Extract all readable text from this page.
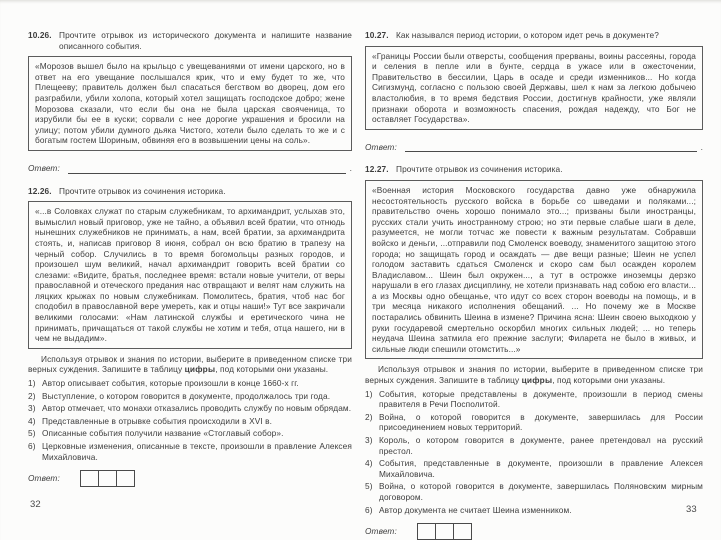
10.26. Прочтите отрывок из исторического документа и напишите название описанного события.
«Морозов вышел было на крыльцо с увещеваниями от имени царского, но в ответ на его увещание послышался крик, что и ему будет то же, что Плещееву; правитель должен был спасаться бегством во дворец, дом его разграбили, убили холопа, который хотел защищать господское добро; жене Морозова сказали, что если бы она не была царская свояченица, то изрубили бы ее в куски; сорвали с нее дорогие украшения и бросили на улицу; потом убили думного дьяка Чистого, хотели было сделать то же и с богатым гостем Шориным, обвиняя его в возвышении цены на соль».
Ответ:	.
12.26. Прочтите отрывок из сочинения историка.
«...в Соловках служат по старым служебникам, то архимандрит, услыхав это, вымыслил новый приговор, уже не тайно, а объявил всей братии, что отнюдь нынешних служебников не принимать, а нам, всей братии, за архимандрита стоять, и, написав приговор 8 июня, собрал он всю братию в трапезу на черный собор. Случились в то время богомольцы разных городов, и произошел шум великий, начал архимандрит говорить всей братии со слезами: «Видите, братья, последнее время: встали новые учители, от веры православной и отеческого предания нас отвращают и велят нам служить на ляцких крыжах по новым служебникам. Помолитесь, братия, чтоб нас бог сподобил в православной вере умереть, как и отцы наши!» Тут все закричали великими голосами: «Нам латинской службы и еретического чина не принимать, причащаться от такой службы не хотим и тебя, отца нашего, ни в чем не выдадим».

Используя отрывок и знания по истории, выберите в приведенном списке три верных суждения. Запишите в таблицу цифры, под которыми они указаны.

1) Автор описывает события, которые произошли в конце 1660-х гг.
2) Выступление, о котором говорится в документе, продолжалось три года.
3) Автор отмечает, что монахи отказались проводить службу по новым обрядам.
4) Представленные в отрывке события происходили в XVI в.
5) Описанные события получили название «Стоглавый собор».
6) Церковные изменения, описанные в тексте, произошли в правление Алексея Михайловича.
Ответ:
10.27. Как назывался период истории, о котором идет речь в документе?
«Границы России были отверсты, сообщения прерваны, воины рассеяны, города и селения в пепле или в бунте, сердца в ужасе или в ожесточении, Правительство в бессилии, Царь в осаде и среди изменников... Но когда Сигизмунд, согласно с пользою своей Державы, шел к нам за легкою добычею властолюбия, в то время бедствия России, достигнув крайности, уже являли признаки оборота и возможность спасения, рождая надежду, что Бог не оставляет Государства».
Ответ:	.
12.27. Прочтите отрывок из сочинения историка.
«Военная история Московского государства давно уже обнаружила несостоятельность русского войска в борьбе со шведами и поляками...; правительство очень хорошо понимало это...; призваны были иностранцы, русских стали учить иностранному строю; но эти первые слабые шаги в деле, разумеется, не могли тотчас же повести к важным результатам. Собравши войско и деньги, ...отправили под Смоленск воеводу, знаменитого защитою этого города; но защищать город и осаждать — две вещи разные; Шеин не успел голодом заставить сдаться Смоленск и скоро сам был осажден королем Владиславом... Шеин был окружен..., а тут в острожке иноземцы дерзко нарушали в его глазах дисциплину, не хотели признавать над собою его власти... а из Москвы одно обещанье, что идут со всех сторон воеводы на помощь, и в три месяца никакого исполнения обещаний. ... Но почему же в Москве постарались обвинить Шеина в измене? Причина ясна: Шеин своею выходкою у руки государевой смертельно оскорбил многих сильных людей; ... но теперь неудача Шеина затмила его прежние заслуги; Филарета не было в живых, и сильные люди спешили отомстить...»

Используя отрывок и знания по истории, выберите в приведенном списке три верных суждения. Запишите в таблицу цифры, под которыми они указаны.

1) События, которые представлены в документе, произошли в период смены правителя в Речи Посполитой.
2) Война, о которой говорится в документе, завершилась для России присоединением новых территорий.
3) Король, о котором говорится в документе, ранее претендовал на русский престол.
4) События, представленные в документе, произошли в правление Алексея Михайловича.
5) Война, о которой говорится в документе, завершилась Поляновским мирным договором.
6) Автор документа не считает Шеина изменником.
Ответ:
32	33
